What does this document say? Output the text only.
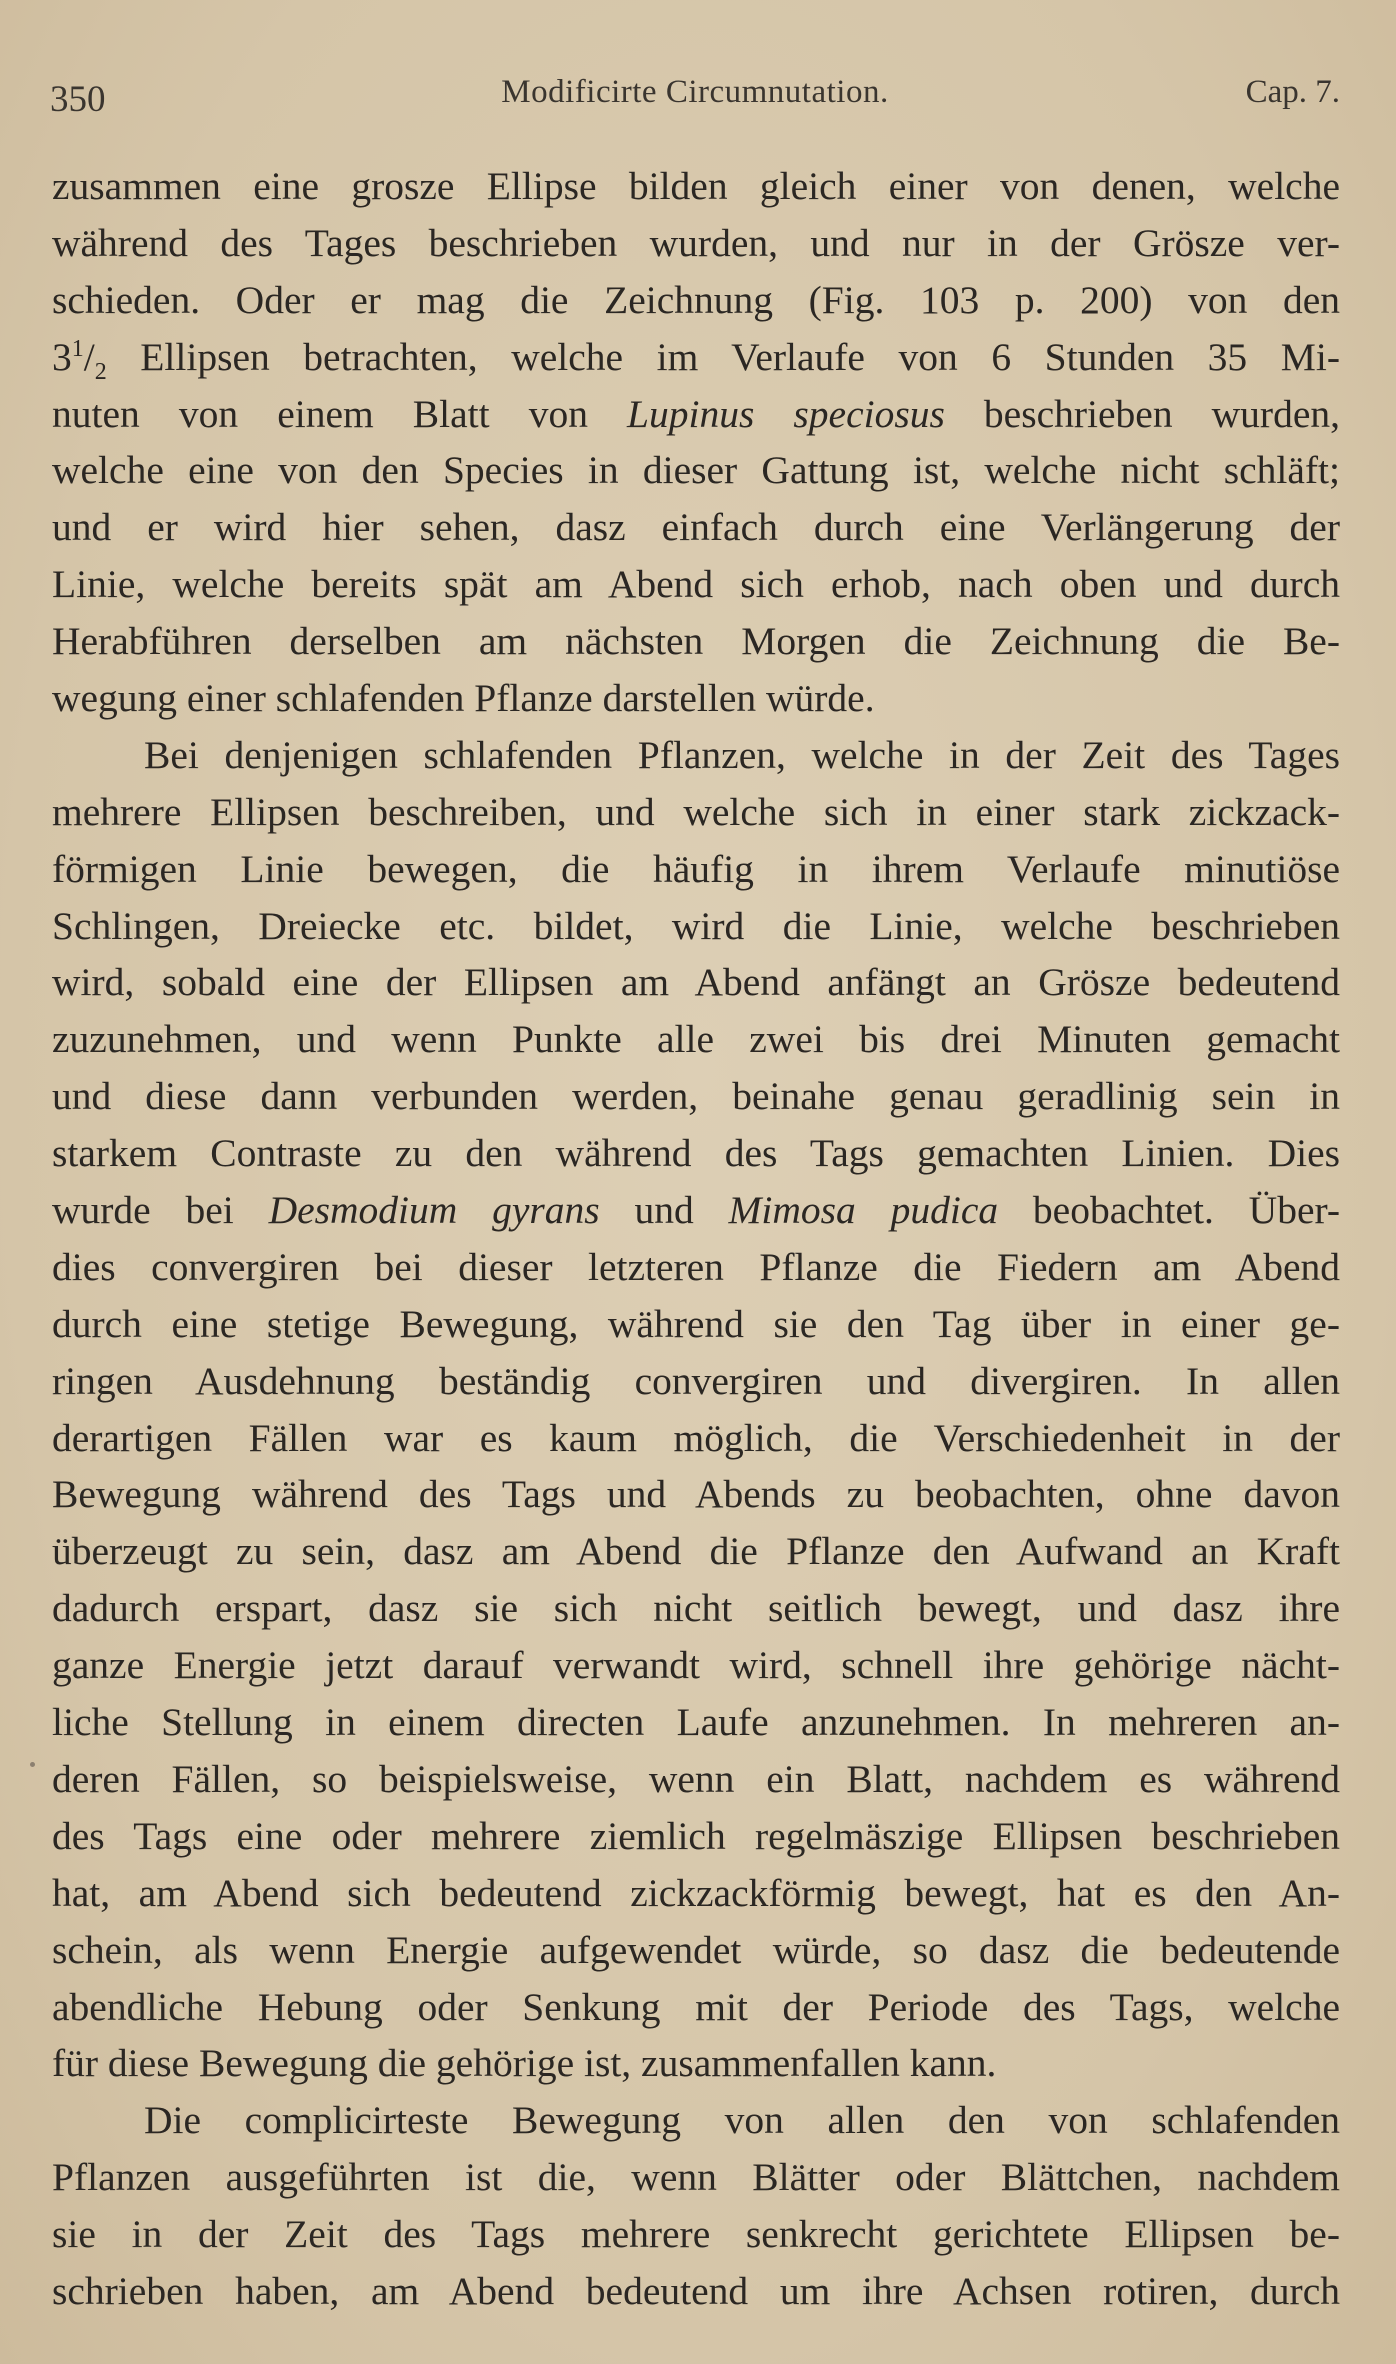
350	Modificirte Circumnutation.	Cap. 7.
zusammen eine grosze Ellipse bilden gleich einer von denen, welche
während des Tages beschrieben wurden, und nur in der Grösze ver-
schieden. Oder er mag die Zeichnung (Fig. 103 p. 200) von den
$3^1/_2$ Ellipsen betrachten, welche im Verlaufe von 6 Stunden 35 Mi-
nuten von einem Blatt von Lupinus speciosus beschrieben wurden,
welche eine von den Species in dieser Gattung ist, welche nicht schläft;
und er wird hier sehen, dasz einfach durch eine Verlängerung der
Linie, welche bereits spät am Abend sich erhob, nach oben und durch
Herabführen derselben am nächsten Morgen die Zeichnung die Be-
wegung einer schlafenden Pflanze darstellen würde.
Bei denjenigen schlafenden Pflanzen, welche in der Zeit des Tages
mehrere Ellipsen beschreiben, und welche sich in einer stark zickzack-
förmigen Linie bewegen, die häufig in ihrem Verlaufe minutiöse
Schlingen, Dreiecke etc. bildet, wird die Linie, welche beschrieben
wird, sobald eine der Ellipsen am Abend anfängt an Grösze bedeutend
zuzunehmen, und wenn Punkte alle zwei bis drei Minuten gemacht
und diese dann verbunden werden, beinahe genau geradlinig sein in
starkem Contraste zu den während des Tags gemachten Linien. Dies
wurde bei Desmodium gyrans und Mimosa pudica beobachtet. Über-
dies convergiren bei dieser letzteren Pflanze die Fiedern am Abend
durch eine stetige Bewegung, während sie den Tag über in einer ge-
ringen Ausdehnung beständig convergiren und divergiren. In allen
derartigen Fällen war es kaum möglich, die Verschiedenheit in der
Bewegung während des Tags und Abends zu beobachten, ohne davon
überzeugt zu sein, dasz am Abend die Pflanze den Aufwand an Kraft
dadurch erspart, dasz sie sich nicht seitlich bewegt, und dasz ihre
ganze Energie jetzt darauf verwandt wird, schnell ihre gehörige nächt-
liche Stellung in einem directen Laufe anzunehmen. In mehreren an-
deren Fällen, so beispielsweise, wenn ein Blatt, nachdem es während
des Tags eine oder mehrere ziemlich regelmäszige Ellipsen beschrieben
hat, am Abend sich bedeutend zickzackförmig bewegt, hat es den An-
schein, als wenn Energie aufgewendet würde, so dasz die bedeutende
abendliche Hebung oder Senkung mit der Periode des Tags, welche
für diese Bewegung die gehörige ist, zusammenfallen kann.
Die complicirteste Bewegung von allen den von schlafenden
Pflanzen ausgeführten ist die, wenn Blätter oder Blättchen, nachdem
sie in der Zeit des Tags mehrere senkrecht gerichtete Ellipsen be-
schrieben haben, am Abend bedeutend um ihre Achsen rotiren, durch
